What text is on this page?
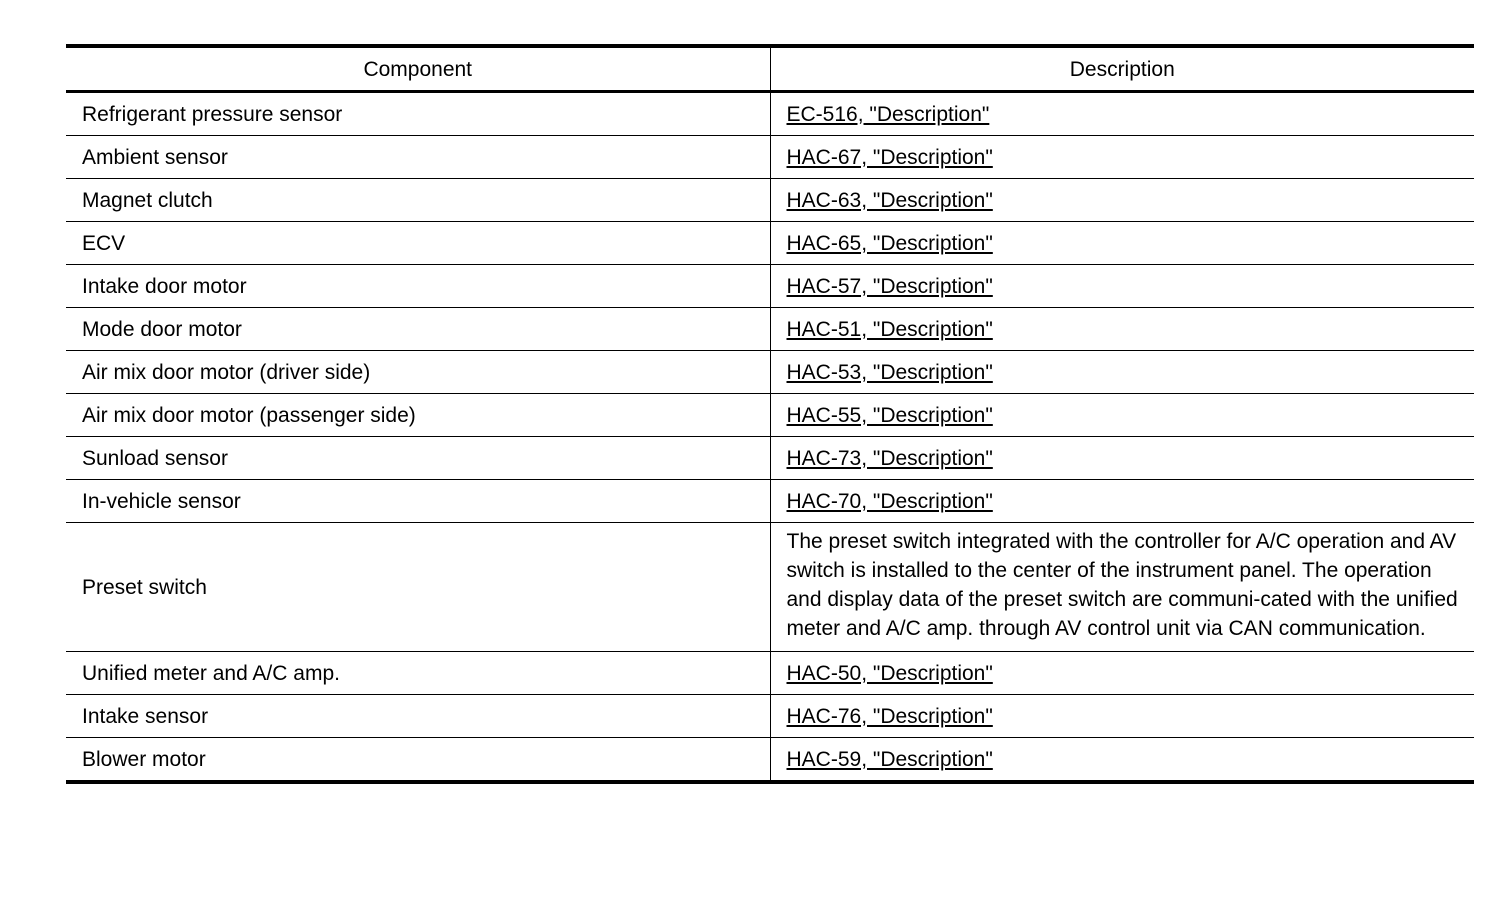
Component	Description
Refrigerant pressure sensor	EC-516, "Description"
Ambient sensor	HAC-67, "Description"
Magnet clutch	HAC-63, "Description"
ECV	HAC-65, "Description"
Intake door motor	HAC-57, "Description"
Mode door motor	HAC-51, "Description"
Air mix door motor (driver side)	HAC-53, "Description"
Air mix door motor (passenger side)	HAC-55, "Description"
Sunload sensor	HAC-73, "Description"
In-vehicle sensor	HAC-70, "Description"
Preset switch	The preset switch integrated with the controller for A/C operation and AV switch is installed to the center of the instrument panel. The operation and display data of the preset switch are communi-cated with the unified meter and A/C amp. through AV control unit via CAN communication.
Unified meter and A/C amp.	HAC-50, "Description"
Intake sensor	HAC-76, "Description"
Blower motor	HAC-59, "Description"
